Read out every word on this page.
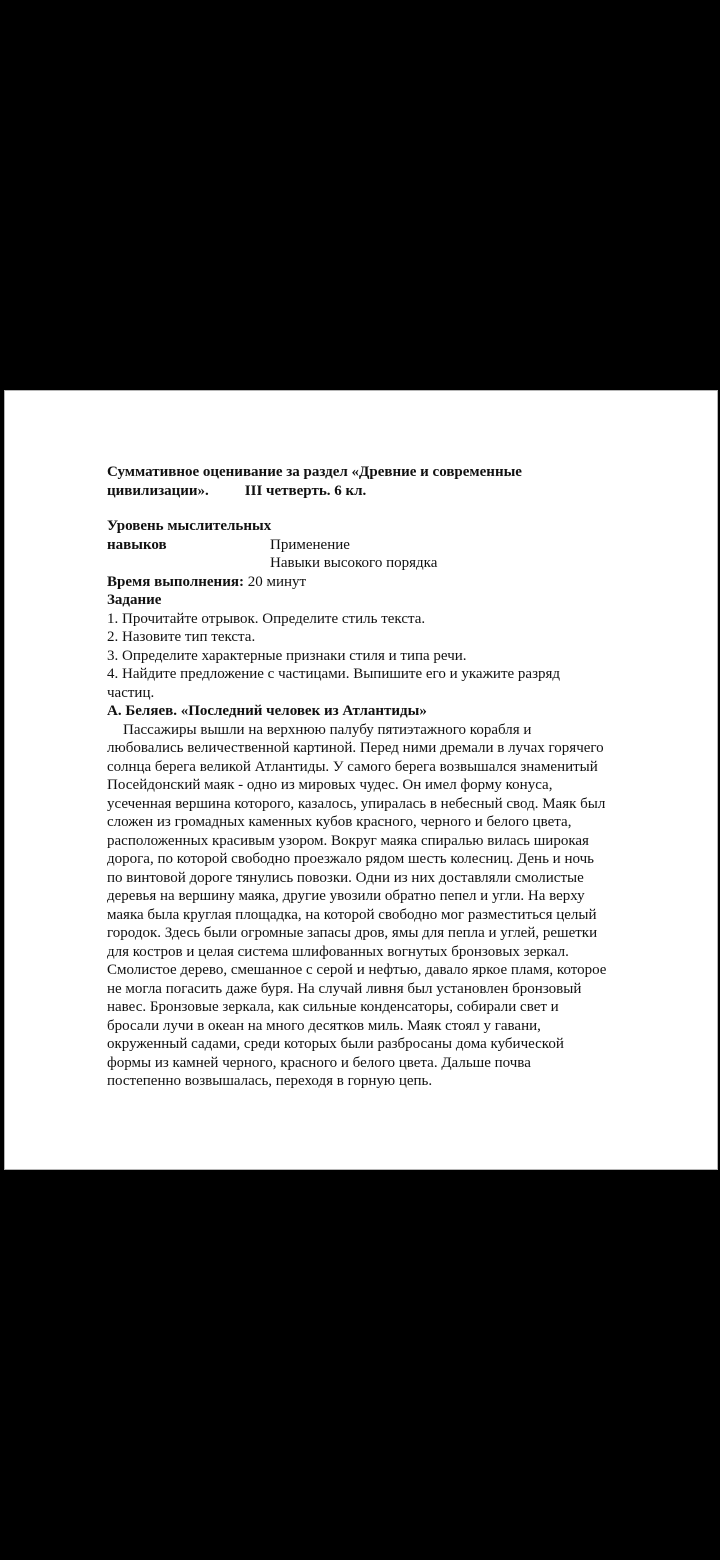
Суммативное оценивание за раздел «Древние и современные
цивилизации». III четверть. 6 кл.
Уровень мыслительных
навыков	Применение
Навыки высокого порядка
Время выполнения: 20 минут
Задание
1. Прочитайте отрывок. Определите стиль текста.
2. Назовите тип текста.
3. Определите характерные признаки стиля и типа речи.
4. Найдите предложение с частицами. Выпишите его и укажите разряд
частиц.
А. Беляев. «Последний человек из Атлантиды»
Пассажиры вышли на верхнюю палубу пятиэтажного корабля и
любовались величественной картиной. Перед ними дремали в лучах горячего
солнца берега великой Атлантиды. У самого берега возвышался знаменитый
Посейдонский маяк - одно из мировых чудес. Он имел форму конуса,
усеченная вершина которого, казалось, упиралась в небесный свод. Маяк был
сложен из громадных каменных кубов красного, черного и белого цвета,
расположенных красивым узором. Вокруг маяка спиралью вилась широкая
дорога, по которой свободно проезжало рядом шесть колесниц. День и ночь
по винтовой дороге тянулись повозки. Одни из них доставляли смолистые
деревья на вершину маяка, другие увозили обратно пепел и угли. На верху
маяка была круглая площадка, на которой свободно мог разместиться целый
городок. Здесь были огромные запасы дров, ямы для пепла и углей, решетки
для костров и целая система шлифованных вогнутых бронзовых зеркал.
Смолистое дерево, смешанное с серой и нефтью, давало яркое пламя, которое
не могла погасить даже буря. На случай ливня был установлен бронзовый
навес. Бронзовые зеркала, как сильные конденсаторы, собирали свет и
бросали лучи в океан на много десятков миль. Маяк стоял у гавани,
окруженный садами, среди которых были разбросаны дома кубической
формы из камней черного, красного и белого цвета. Дальше почва
постепенно возвышалась, переходя в горную цепь.
